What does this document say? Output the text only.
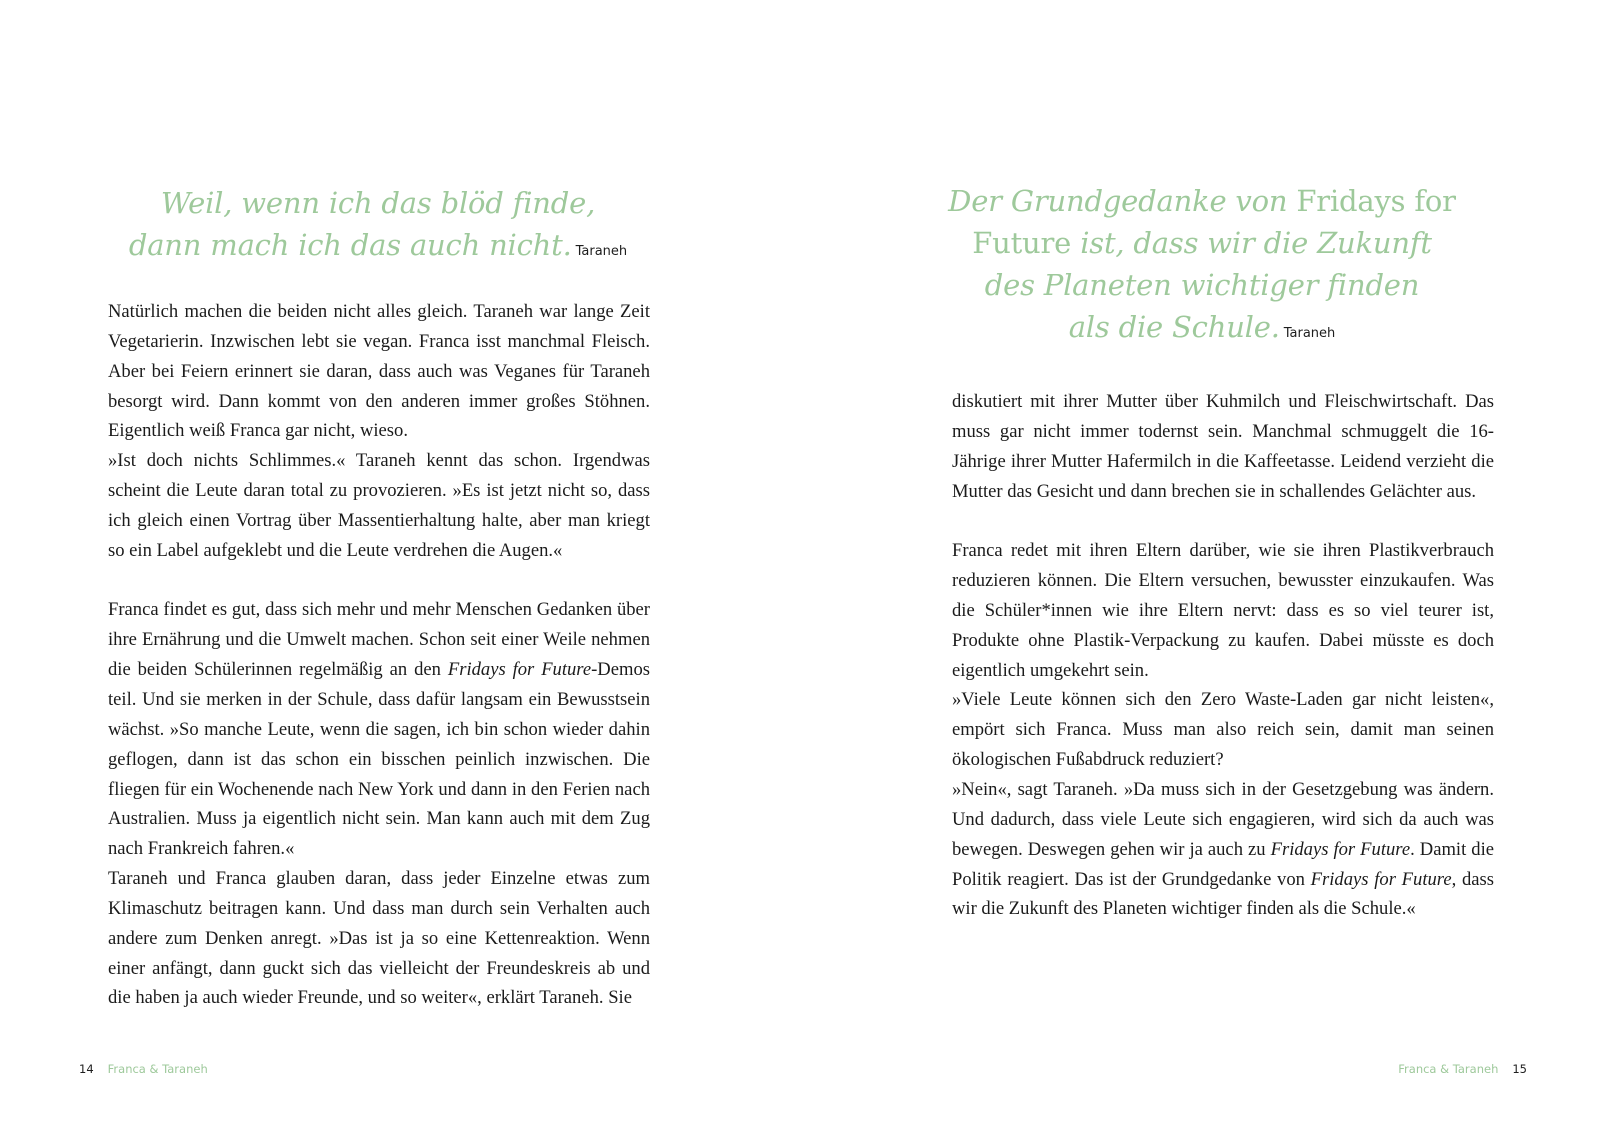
Weil, wenn ich das blöd finde,
dann mach ich das auch nicht. Taraneh

Natürlich machen die beiden nicht alles gleich. Taraneh war lange Zeit Vegetarierin. Inzwischen lebt sie vegan. Franca isst manchmal Fleisch. Aber bei Feiern erinnert sie daran, dass auch was Veganes für Taraneh besorgt wird. Dann kommt von den anderen immer großes Stöhnen. Eigentlich weiß Franca gar nicht, wieso.

»Ist doch nichts Schlimmes.« Taraneh kennt das schon. Irgendwas scheint die Leute daran total zu provozieren. »Es ist jetzt nicht so, dass ich gleich einen Vortrag über Massentierhaltung halte, aber man kriegt so ein Label aufgeklebt und die Leute verdrehen die Augen.«

Franca findet es gut, dass sich mehr und mehr Menschen Gedanken über ihre Ernährung und die Umwelt machen. Schon seit einer Weile nehmen die beiden Schülerinnen regelmäßig an den Fridays for Future-Demos teil. Und sie merken in der Schule, dass dafür langsam ein Bewusstsein wächst. »So manche Leute, wenn die sagen, ich bin schon wieder dahin geflogen, dann ist das schon ein bisschen peinlich inzwischen. Die fliegen für ein Wochenende nach New York und dann in den Ferien nach Australien. Muss ja eigentlich nicht sein. Man kann auch mit dem Zug nach Frankreich fahren.«

Taraneh und Franca glauben daran, dass jeder Einzelne etwas zum Klimaschutz beitragen kann. Und dass man durch sein Verhalten auch andere zum Denken anregt. »Das ist ja so eine Kettenreaktion. Wenn einer anfängt, dann guckt sich das vielleicht der Freundeskreis ab und die haben ja auch wieder Freunde, und so weiter«, erklärt Taraneh. Sie

14 Franca & Taraneh
Der Grundgedanke von Fridays for
Future ist, dass wir die Zukunft
des Planeten wichtiger finden
als die Schule. Taraneh

diskutiert mit ihrer Mutter über Kuhmilch und Fleischwirtschaft. Das muss gar nicht immer todernst sein. Manchmal schmuggelt die 16-Jährige ihrer Mutter Hafermilch in die Kaffeetasse. Leidend verzieht die Mutter das Gesicht und dann brechen sie in schallendes Gelächter aus.

Franca redet mit ihren Eltern darüber, wie sie ihren Plastikverbrauch reduzieren können. Die Eltern versuchen, bewusster einzukaufen. Was die Schüler*innen wie ihre Eltern nervt: dass es so viel teurer ist, Produkte ohne Plastik-Verpackung zu kaufen. Dabei müsste es doch eigentlich umgekehrt sein.

»Viele Leute können sich den Zero Waste-Laden gar nicht leisten«, empört sich Franca. Muss man also reich sein, damit man seinen ökologischen Fußabdruck reduziert?

»Nein«, sagt Taraneh. »Da muss sich in der Gesetzgebung was ändern. Und dadurch, dass viele Leute sich engagieren, wird sich da auch was bewegen. Deswegen gehen wir ja auch zu Fridays for Future. Damit die Politik reagiert. Das ist der Grundgedanke von Fridays for Future, dass wir die Zukunft des Planeten wichtiger finden als die Schule.«

Franca & Taraneh 15
